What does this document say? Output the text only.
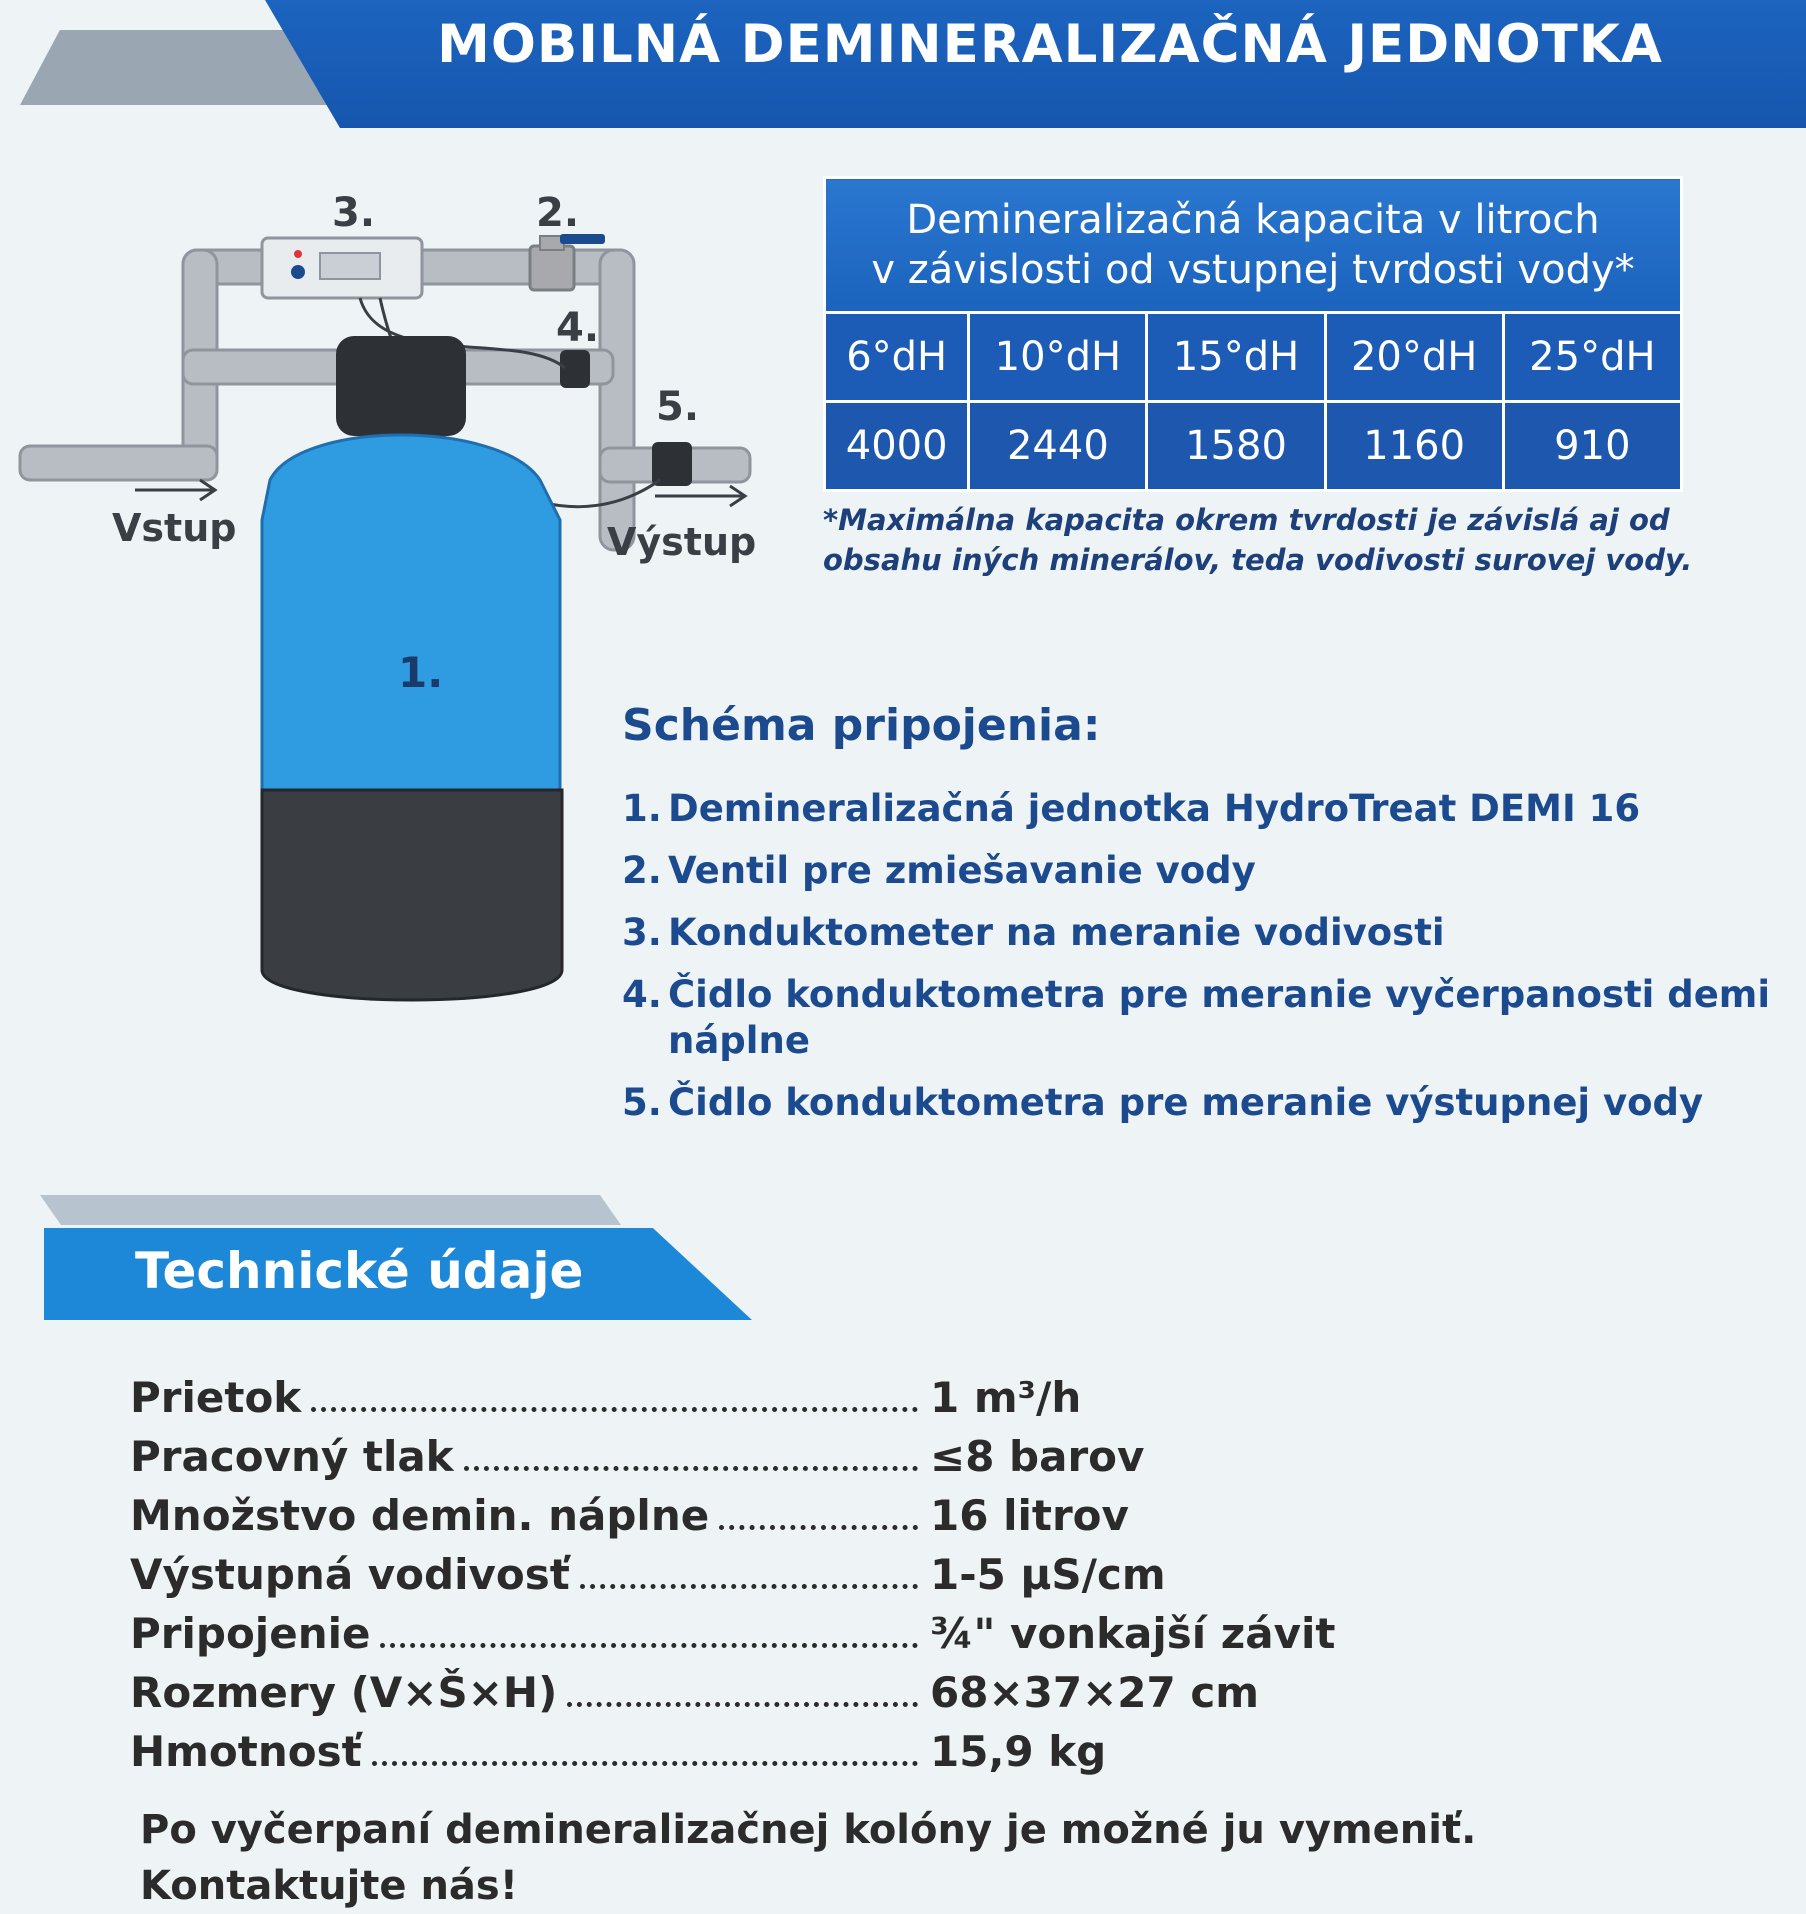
MOBILNÁ DEMINERALIZAČNÁ JEDNOTKA
3.	2.
4.
5.
1.
Vstup	Výstup
Demineralizačná kapacita v litroch
v závislosti od vstupnej tvrdosti vody*				

6°dH	10°dH	15°dH	20°dH	25°dH
4000	2440	1580	1160	910

*Maximálna kapacita okrem tvrdosti je závislá aj od
obsahu iných minerálov, teda vodivosti surovej vody.

Schéma pripojenia:
1. Demineralizačná jednotka HydroTreat DEMI 16
2. Ventil pre zmiešavanie vody
3. Konduktometer na meranie vodivosti
4. Čidlo konduktometra pre meranie vyčerpanosti demi náplne
5. Čidlo konduktometra pre meranie výstupnej vody
Technické údaje
Prietok	1 m³/h
Pracovný tlak	≤8 barov
Množstvo demin. náplne	16 litrov
Výstupná vodivosť	1-5 µS/cm
Pripojenie	¾" vonkajší závit
Rozmery (V×Š×H)	68×37×27 cm
Hmotnosť	15,9 kg

Po vyčerpaní demineralizačnej kolóny je možné ju vymeniť.
Kontaktujte nás!
